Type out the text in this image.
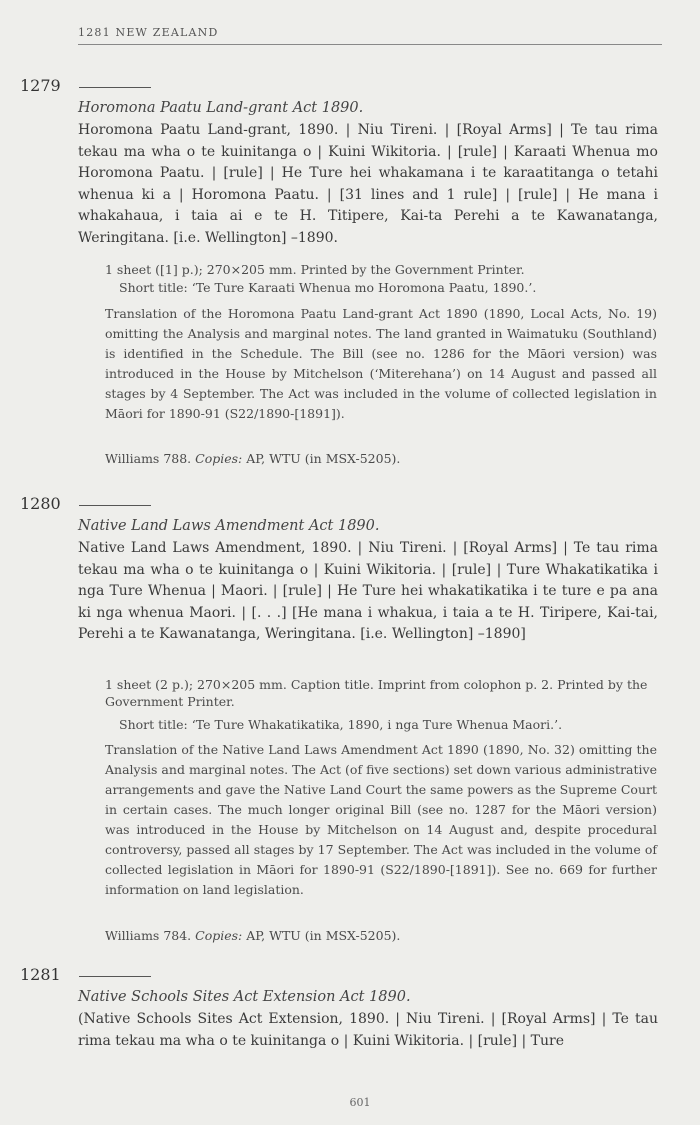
1281 NEW ZEALAND
1279
Horomona Paatu Land-grant Act 1890.
Horomona Paatu Land-grant, 1890. | Niu Tireni. | [Royal Arms] | Te tau rima tekau ma wha o te kuinitanga o | Kuini Wikitoria. | [rule] | Karaati Whenua mo Horomona Paatu. | [rule] | He Ture hei whakamana i te karaatitanga o tetahi whenua ki a | Horomona Paatu. | [31 lines and 1 rule] | [rule] | He mana i whakahaua, i taia ai e te H. Titipere, Kai-ta Perehi a te Kawanatanga, Weringitana. [i.e. Wellington] –1890.
1 sheet ([1] p.); 270×205 mm. Printed by the Government Printer.
Short title: ‘Te Ture Karaati Whenua mo Horomona Paatu, 1890.’.
Translation of the Horomona Paatu Land-grant Act 1890 (1890, Local Acts, No. 19) omitting the Analysis and marginal notes. The land granted in Waimatuku (Southland) is identified in the Schedule. The Bill (see no. 1286 for the Māori version) was introduced in the House by Mitchelson (‘Miterehana’) on 14 August and passed all stages by 4 September. The Act was included in the volume of collected legislation in Māori for 1890-91 (S22/1890-[1891]).
Williams 788. Copies: AP, WTU (in MSX-5205).
1280
Native Land Laws Amendment Act 1890.
Native Land Laws Amendment, 1890. | Niu Tireni. | [Royal Arms] | Te tau rima tekau ma wha o te kuinitanga o | Kuini Wikitoria. | [rule] | Ture Whakatikatika i nga Ture Whenua | Maori. | [rule] | He Ture hei whakatikatika i te ture e pa ana ki nga whenua Maori. | [. . .] [He mana i whakua, i taia a te H. Tiripere, Kai-tai, Perehi a te Kawanatanga, Weringitana. [i.e. Wellington] –1890]
1 sheet (2 p.); 270×205 mm. Caption title. Imprint from colophon p. 2. Printed by the Government Printer.
Short title: ‘Te Ture Whakatikatika, 1890, i nga Ture Whenua Maori.’.
Translation of the Native Land Laws Amendment Act 1890 (1890, No. 32) omitting the Analysis and marginal notes. The Act (of five sections) set down various administrative arrangements and gave the Native Land Court the same powers as the Supreme Court in certain cases. The much longer original Bill (see no. 1287 for the Māori version) was introduced in the House by Mitchelson on 14 August and, despite procedural controversy, passed all stages by 17 September. The Act was included in the volume of collected legislation in Māori for 1890-91 (S22/1890-[1891]). See no. 669 for further information on land legislation.
Williams 784. Copies: AP, WTU (in MSX-5205).
1281
Native Schools Sites Act Extension Act 1890.
(Native Schools Sites Act Extension, 1890. | Niu Tireni. | [Royal Arms] | Te tau rima tekau ma wha o te kuinitanga o | Kuini Wikitoria. | [rule] | Ture
601
